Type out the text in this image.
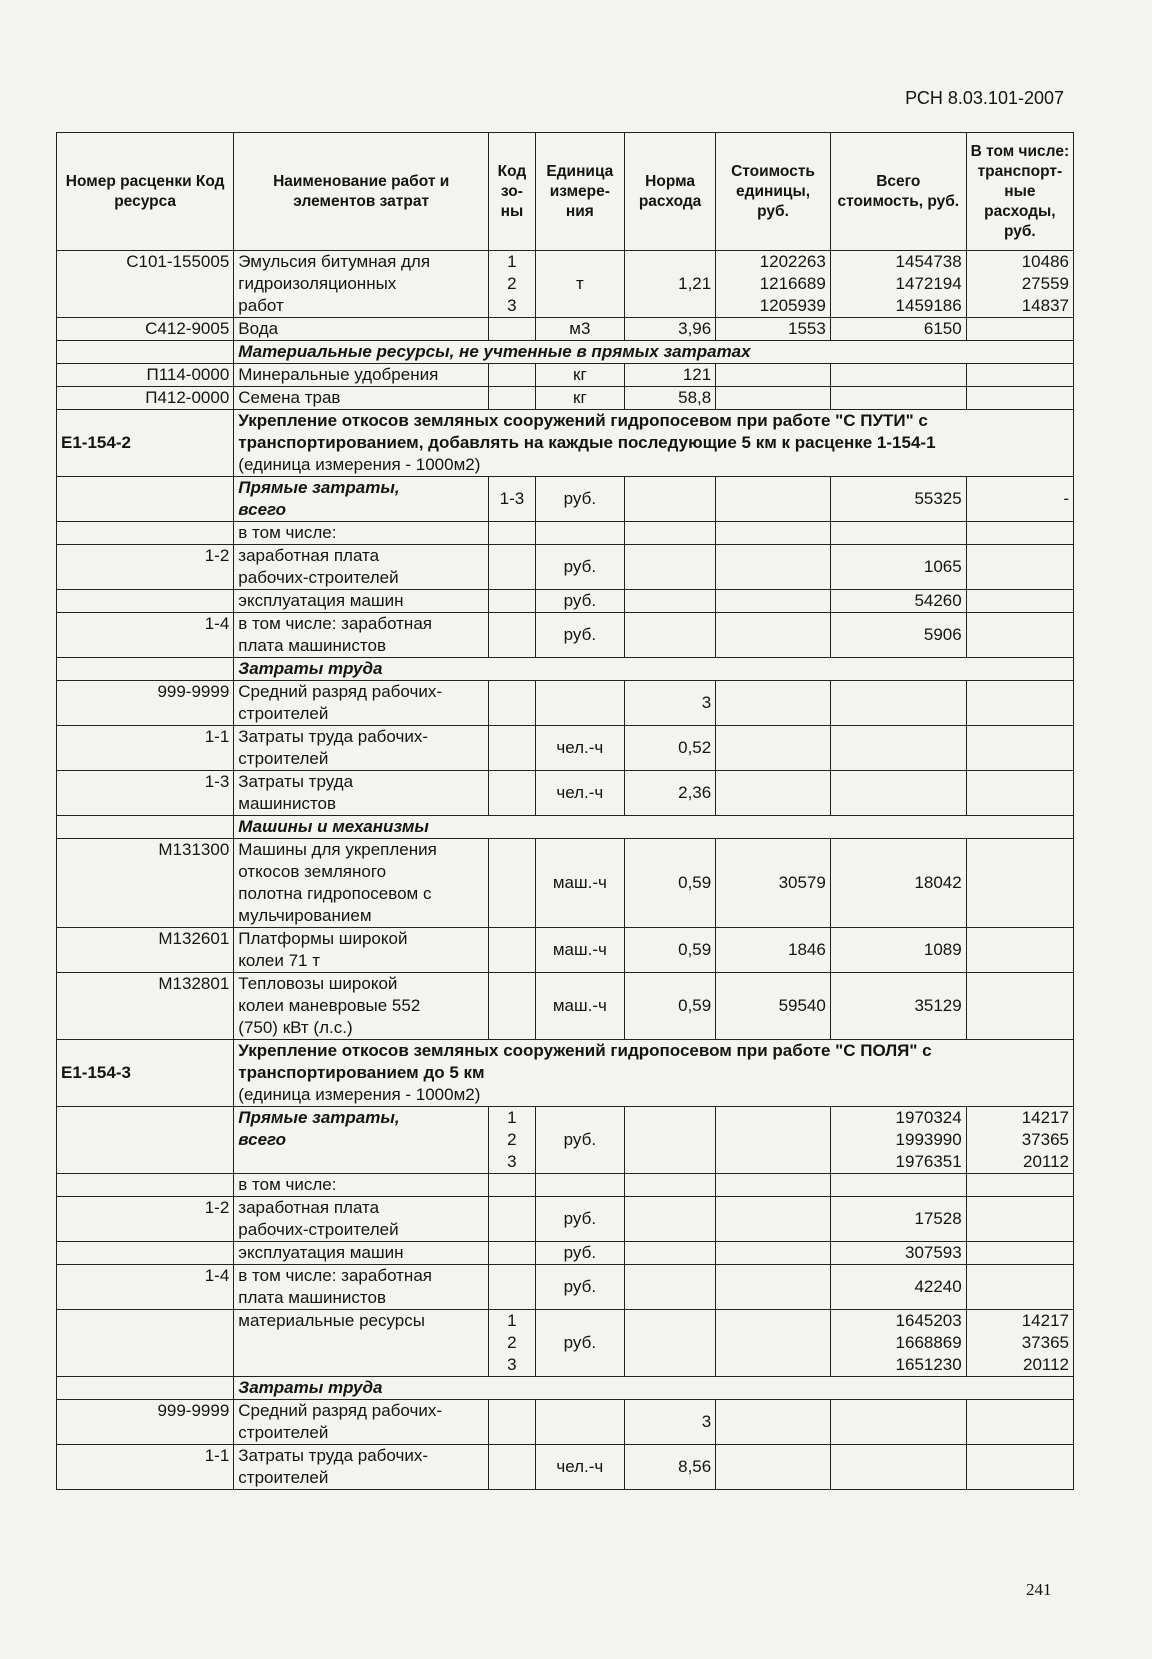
РСН 8.03.101-2007
Номер расценки Код ресурса	Наименование работ и элементов затрат	Код зо-ны	Единица измере-ния	Норма расхода	Стоимость единицы, руб.	Всего стоимость, руб.	В том числе: транспорт-ные расходы, руб.
С101-155005	Эмульсия битумная для
гидроизоляционных
работ	1
2
3	т	1,21	1202263
1216689
1205939	1454738
1472194
1459186	10486
27559
14837
С412-9005	Вода		м3	3,96	1553	6150	
	Материальные ресурсы, не учтенные в прямых затратах						
П114-0000	Минеральные удобрения		кг	121			
П412-0000	Семена трав		кг	58,8			
Е1-154-2	Укрепление откосов земляных сооружений гидропосевом при работе "С ПУТИ" с транспортированием, добавлять на каждые последующие 5 км к расценке 1-154-1
(единица измерения - 1000м2)						
	Прямые затраты,
всего	1-3	руб.			55325	-
	в том числе:						
1-2	заработная плата
рабочих-строителей		руб.			1065	
	эксплуатация машин		руб.			54260	
1-4	в том числе: заработная
плата машинистов		руб.			5906	
	Затраты труда						
999-9999	Средний разряд рабочих-
строителей			3			
1-1	Затраты труда рабочих-
строителей		чел.-ч	0,52			
1-3	Затраты труда
машинистов		чел.-ч	2,36			
	Машины и механизмы						
М131300	Машины для укрепления
откосов земляного
полотна гидропосевом с
мульчированием		маш.-ч	0,59	30579	18042	
М132601	Платформы широкой
колеи 71 т		маш.-ч	0,59	1846	1089	
М132801	Тепловозы широкой
колеи маневровые 552
(750) кВт (л.с.)		маш.-ч	0,59	59540	35129	
Е1-154-3	Укрепление откосов земляных сооружений гидропосевом при работе "С ПОЛЯ" с транспортированием до 5 км
(единица измерения - 1000м2)						
	Прямые затраты,
всего	1
2
3	руб.			1970324
1993990
1976351	14217
37365
20112
	в том числе:						
1-2	заработная плата
рабочих-строителей		руб.			17528	
	эксплуатация машин		руб.			307593	
1-4	в том числе: заработная
плата машинистов		руб.			42240	
	материальные ресурсы	1
2
3	руб.			1645203
1668869
1651230	14217
37365
20112
	Затраты труда						
999-9999	Средний разряд рабочих-
строителей			3			
1-1	Затраты труда рабочих-
строителей		чел.-ч	8,56			
241
